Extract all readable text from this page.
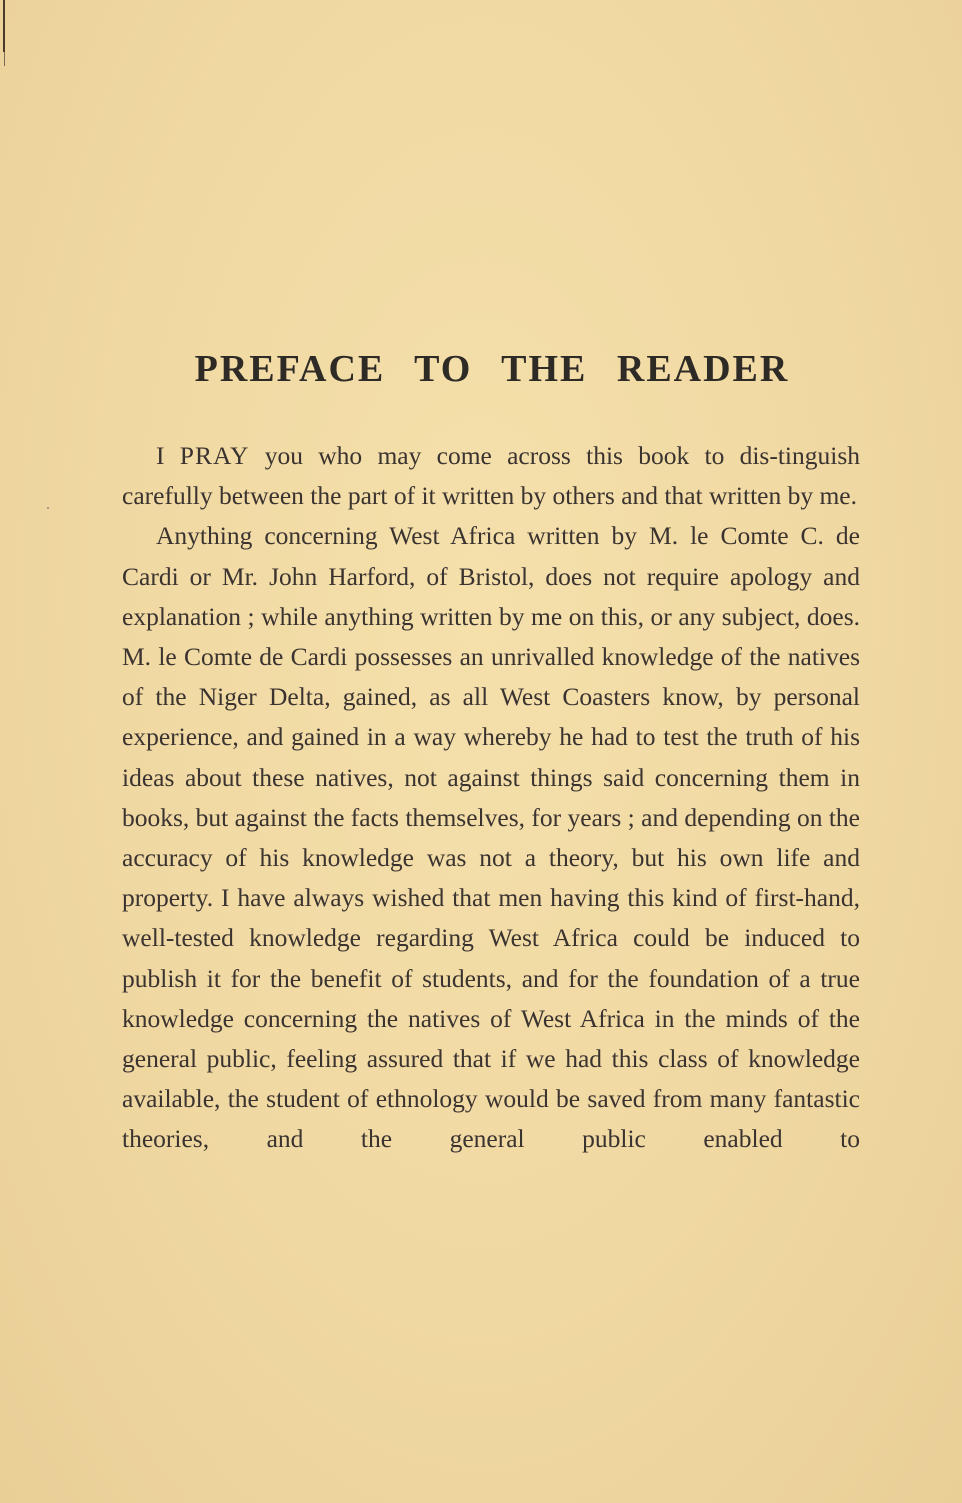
PREFACE TO THE READER

I PRAY you who may come across this book to dis-tinguish carefully between the part of it written by others and that written by me.

Anything concerning West Africa written by M. le Comte C. de Cardi or Mr. John Harford, of Bristol, does not require apology and explanation ; while anything written by me on this, or any subject, does. M. le Comte de Cardi possesses an unrivalled knowledge of the natives of the Niger Delta, gained, as all West Coasters know, by personal experience, and gained in a way whereby he had to test the truth of his ideas about these natives, not against things said concerning them in books, but against the facts themselves, for years ; and depending on the accuracy of his knowledge was not a theory, but his own life and property. I have always wished that men having this kind of first-hand, well-tested knowledge regarding West Africa could be induced to publish it for the benefit of students, and for the foundation of a true knowledge concerning the natives of West Africa in the minds of the general public, feeling assured that if we had this class of knowledge available, the student of ethnology would be saved from many fantastic theories, and the general public enabled to
